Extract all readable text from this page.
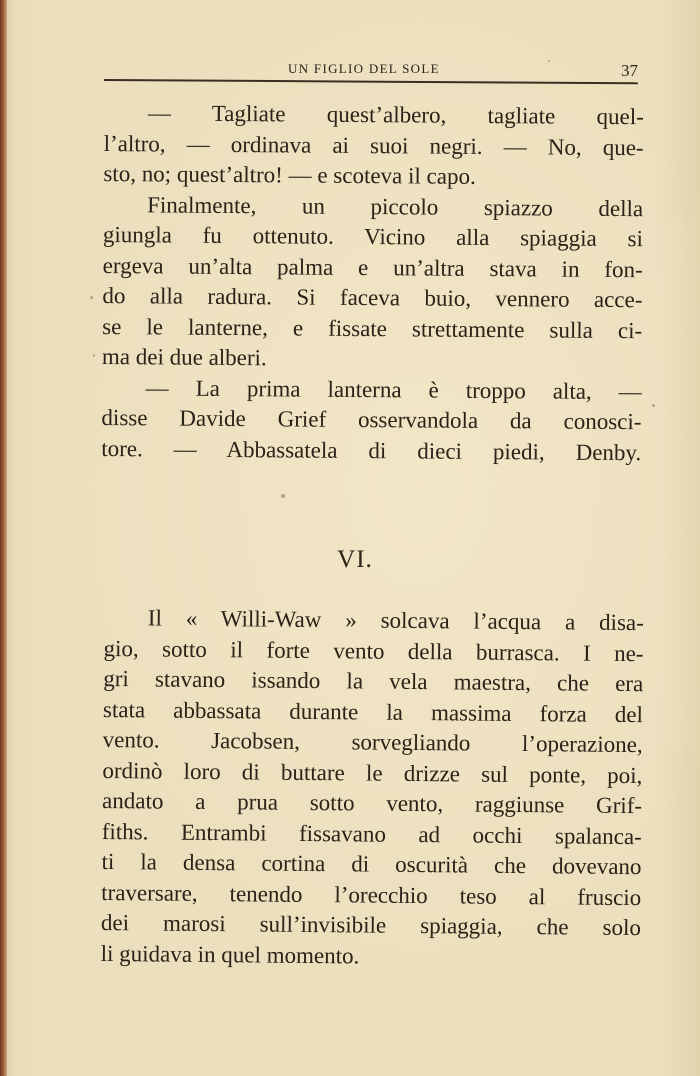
UN FIGLIO DEL SOLE	37

— Tagliate quest’albero, tagliate quel-

l’altro, — ordinava ai suoi negri. — No, que-
sto, no; quest’altro! — e scoteva il capo.

Finalmente, un piccolo spiazzo della

giungla fu ottenuto. Vicino alla spiaggia si
ergeva un’alta palma e un’altra stava in fon-
do alla radura. Si faceva buio, vennero acce-
se le lanterne, e fissate strettamente sulla ci-
ma dei due alberi.

— La prima lanterna è troppo alta, —

disse Davide Grief osservandola da conosci-
tore. — Abbassatela di dieci piedi, Denby.

VI.

Il « Willi-Waw » solcava l’acqua a disa-

gio, sotto il forte vento della burrasca. I ne-
gri stavano issando la vela maestra, che era
stata abbassata durante la massima forza del
vento. Jacobsen, sorvegliando l’operazione,
ordinò loro di buttare le drizze sul ponte, poi,
andato a prua sotto vento, raggiunse Grif-
fiths. Entrambi fissavano ad occhi spalanca-
ti la densa cortina di oscurità che dovevano
traversare, tenendo l’orecchio teso al fruscio
dei marosi sull’invisibile spiaggia, che solo
li guidava in quel momento.
